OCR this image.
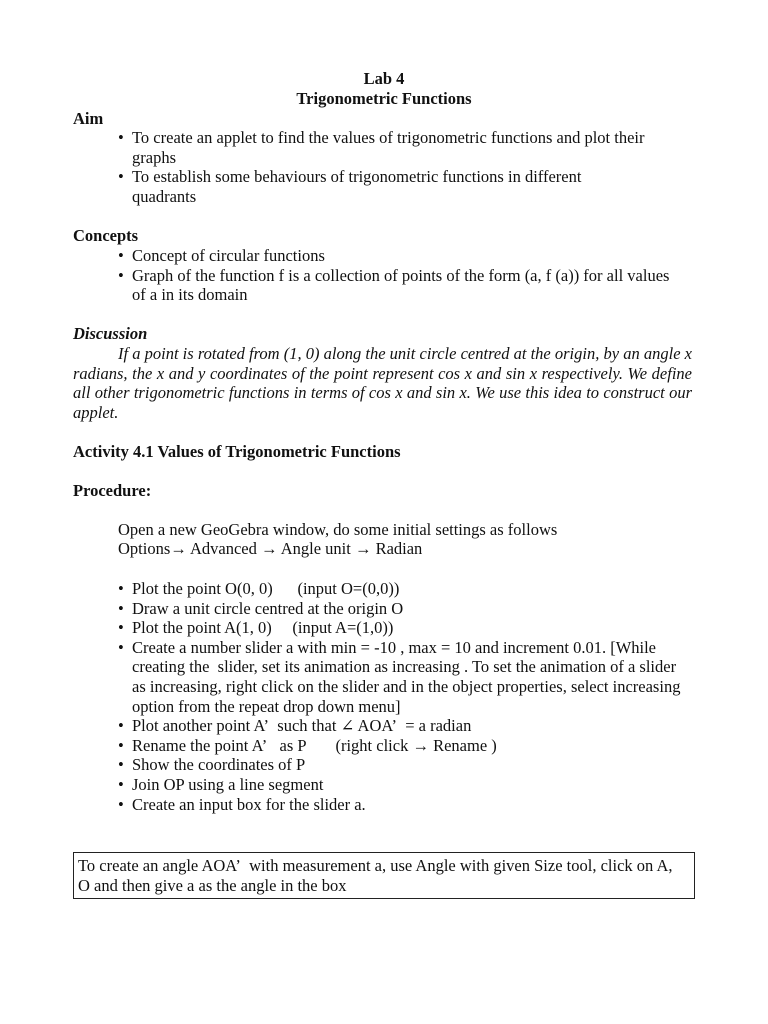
Lab 4
Trigonometric Functions
Aim
• To create an applet to find the values of trigonometric functions and plot their graphs
• To establish some behaviours of trigonometric functions in different quadrants
Concepts
• Concept of circular functions
• Graph of the function f is a collection of points of the form (a, f (a)) for all values of a in its domain
Discussion
If a point is rotated from (1, 0) along the unit circle centred at the origin, by an angle x radians, the x and y coordinates of the point represent cos x and sin x respectively. We define all other trigonometric functions in terms of cos x and sin x. We use this idea to construct our applet.
Activity 4.1 Values of Trigonometric Functions
Procedure:
Open a new GeoGebra window, do some initial settings as follows
Options→ Advanced → Angle unit → Radian
• Plot the point O(0, 0)      (input O=(0,0))
• Draw a unit circle centred at the origin O
• Plot the point A(1, 0)     (input A=(1,0))
• Create a number slider a with min = -10 , max = 10 and increment 0.01. [While creating the  slider, set its animation as increasing . To set the animation of a slider as increasing, right click on the slider and in the object properties, select increasing option from the repeat drop down menu]
• Plot another point A’  such that ∠ AOA’  = a radian
• Rename the point A’   as P       (right click → Rename )
• Show the coordinates of P
• Join OP using a line segment
• Create an input box for the slider a.
To create an angle AOA’  with measurement a, use Angle with given Size tool, click on A,  O and then give a as the angle in the box
